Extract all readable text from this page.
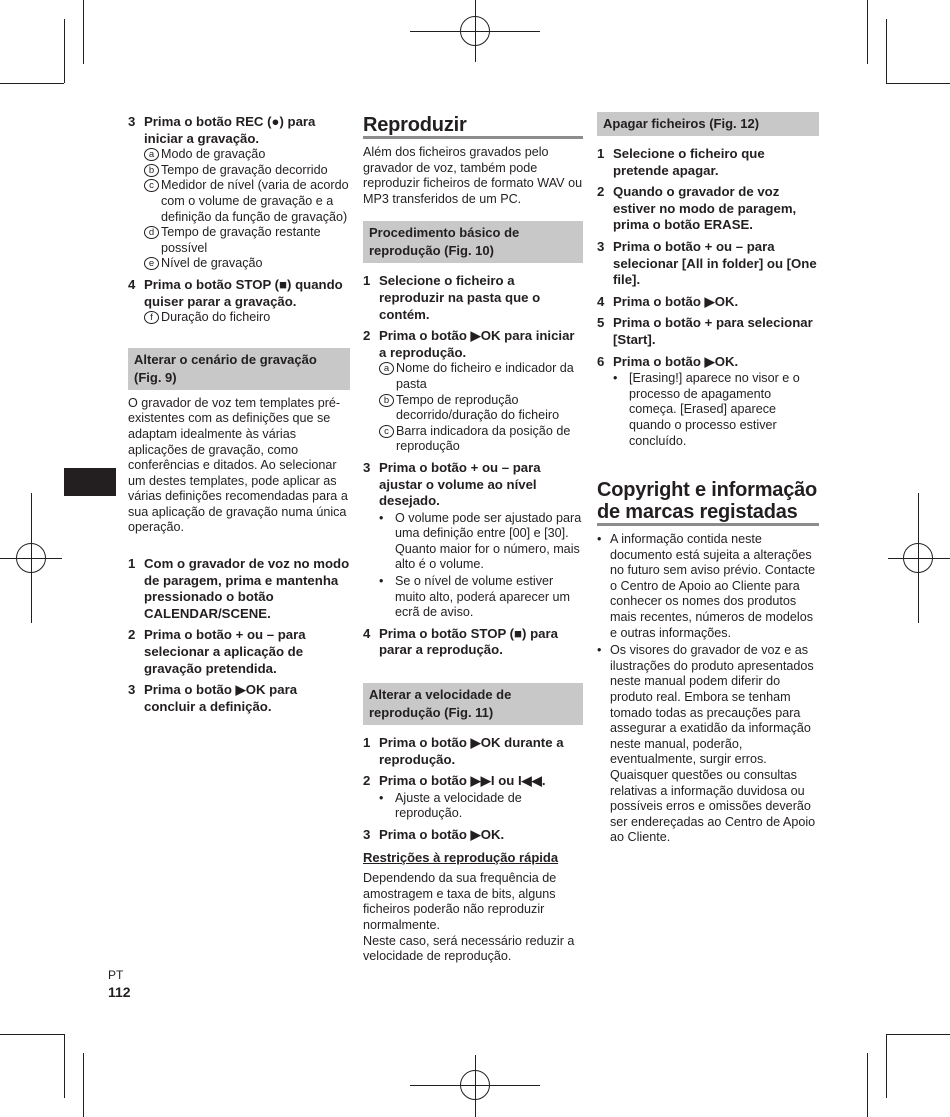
3 Prima o botão REC (●) para iniciar a gravação.
a Modo de gravação
b Tempo de gravação decorrido
c Medidor de nível (varia de acordo com o volume de gravação e a definição da função de gravação)
d Tempo de gravação restante possível
e Nível de gravação
4 Prima o botão STOP (■) quando quiser parar a gravação.
f Duração do ficheiro
Alterar o cenário de gravação (Fig. 9)
O gravador de voz tem templates pré-existentes com as definições que se adaptam idealmente às várias aplicações de gravação, como conferências e ditados. Ao selecionar um destes templates, pode aplicar as várias definições recomendadas para a sua aplicação de gravação numa única operação.
1 Com o gravador de voz no modo de paragem, prima e mantenha pressionado o botão CALENDAR/SCENE.
2 Prima o botão + ou – para selecionar a aplicação de gravação pretendida.
3 Prima o botão ▶OK para concluir a definição.
Reproduzir
Além dos ficheiros gravados pelo gravador de voz, também pode reproduzir ficheiros de formato WAV ou MP3 transferidos de um PC.
Procedimento básico de reprodução (Fig. 10)
1 Selecione o ficheiro a reproduzir na pasta que o contém.
2 Prima o botão ▶OK para iniciar a reprodução.
a Nome do ficheiro e indicador da pasta
b Tempo de reprodução decorrido/duração do ficheiro
c Barra indicadora da posição de reprodução
3 Prima o botão + ou – para ajustar o volume ao nível desejado.
• O volume pode ser ajustado para uma definição entre [00] e [30]. Quanto maior for o número, mais alto é o volume.
• Se o nível de volume estiver muito alto, poderá aparecer um ecrã de aviso.
4 Prima o botão STOP (■) para parar a reprodução.
Alterar a velocidade de reprodução (Fig. 11)
1 Prima o botão ▶OK durante a reprodução.
2 Prima o botão ▶▶I ou I◀◀.
• Ajuste a velocidade de reprodução.
3 Prima o botão ▶OK.
Restrições à reprodução rápida
Dependendo da sua frequência de amostragem e taxa de bits, alguns ficheiros poderão não reproduzir normalmente.
Neste caso, será necessário reduzir a velocidade de reprodução.
Apagar ficheiros (Fig. 12)
1 Selecione o ficheiro que pretende apagar.
2 Quando o gravador de voz estiver no modo de paragem, prima o botão ERASE.
3 Prima o botão + ou – para selecionar [All in folder] ou [One file].
4 Prima o botão ▶OK.
5 Prima o botão + para selecionar [Start].
6 Prima o botão ▶OK.
• [Erasing!] aparece no visor e o processo de apagamento começa. [Erased] aparece quando o processo estiver concluído.
Copyright e informação de marcas registadas
• A informação contida neste documento está sujeita a alterações no futuro sem aviso prévio. Contacte o Centro de Apoio ao Cliente para conhecer os nomes dos produtos mais recentes, números de modelos e outras informações.
• Os visores do gravador de voz e as ilustrações do produto apresentados neste manual podem diferir do produto real. Embora se tenham tomado todas as precauções para assegurar a exatidão da informação neste manual, poderão, eventualmente, surgir erros. Quaisquer questões ou consultas relativas a informação duvidosa ou possíveis erros e omissões deverão ser endereçadas ao Centro de Apoio ao Cliente.
PT
112
